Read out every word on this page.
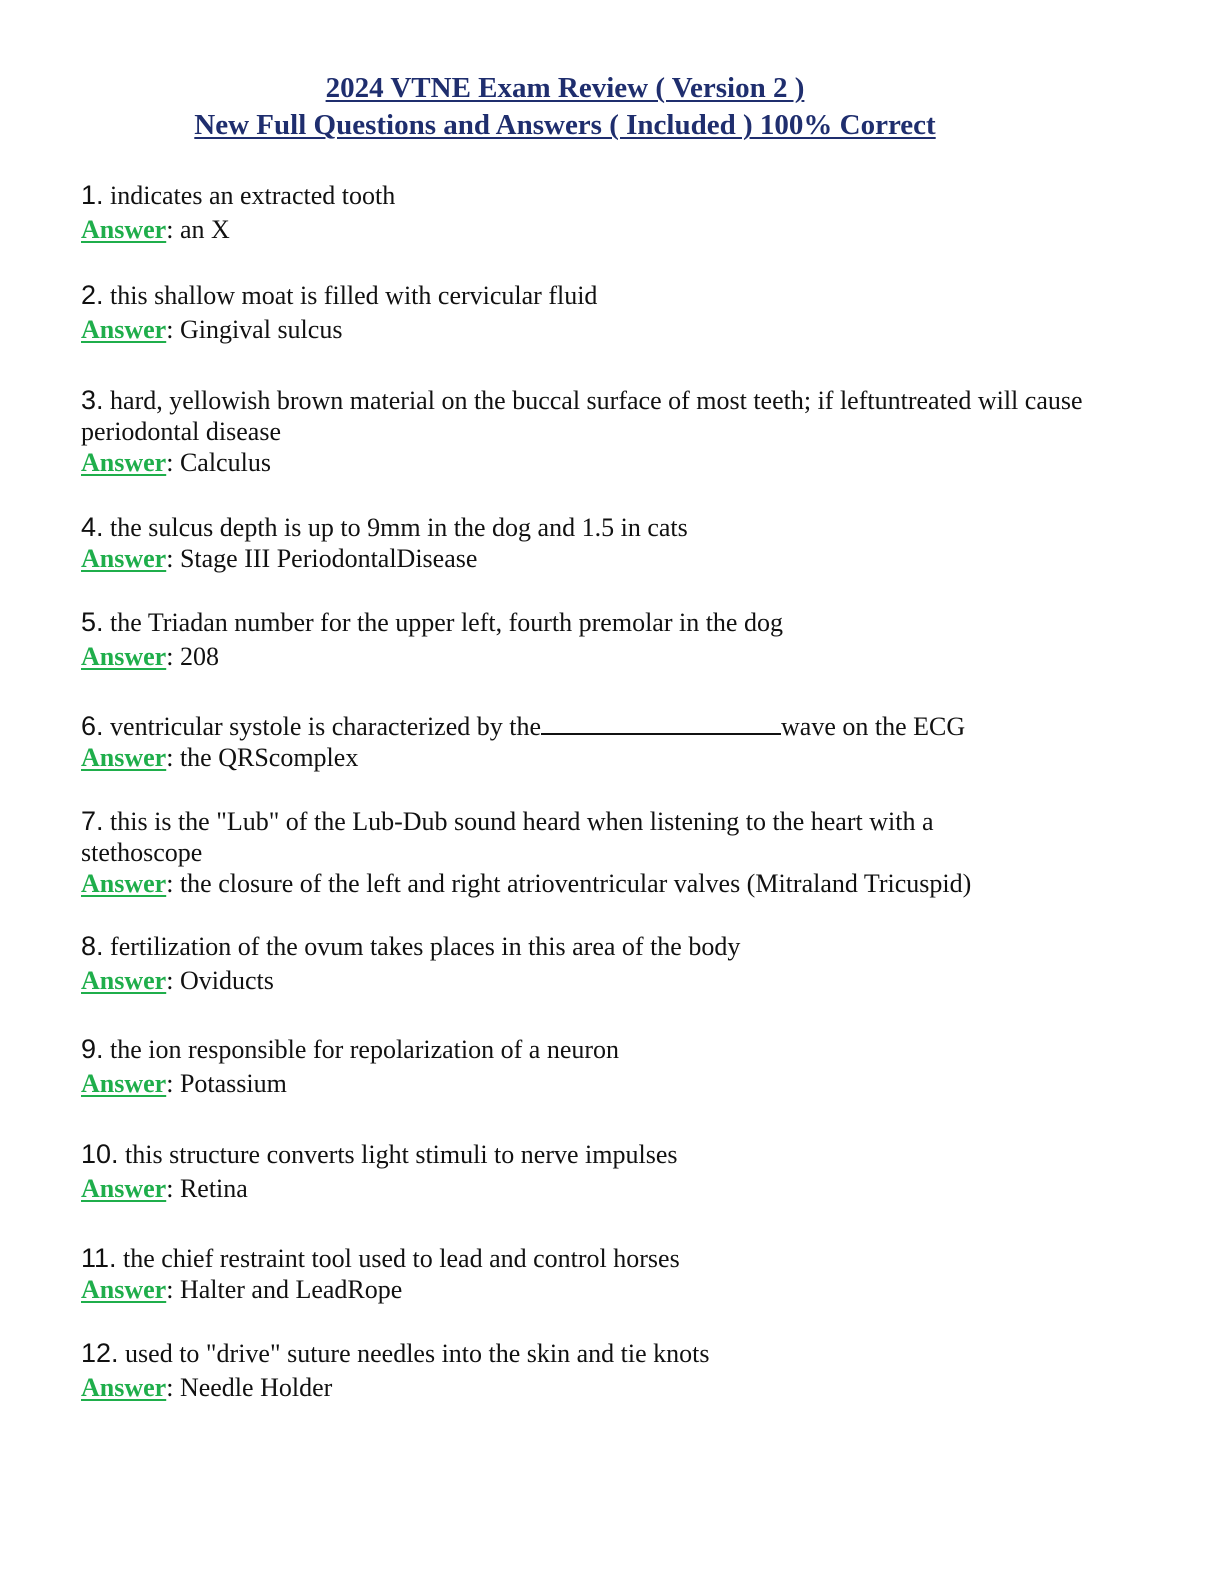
2024 VTNE Exam Review ( Version 2 )
New Full Questions and Answers ( Included ) 100% Correct

1. indicates an extracted tooth

Answer: an X

2. this shallow moat is filled with cervicular fluid

Answer: Gingival sulcus

3. hard, yellowish brown material on the buccal surface of most teeth; if leftuntreated will cause periodontal disease

Answer: Calculus

4. the sulcus depth is up to 9mm in the dog and 1.5 in cats

Answer: Stage III PeriodontalDisease

5. the Triadan number for the upper left, fourth premolar in the dog

Answer: 208

6. ventricular systole is characterized by the	wave on the ECG

Answer: the QRScomplex

7. this is the "Lub" of the Lub-Dub sound heard when listening to the heart with a stethoscope

Answer: the closure of the left and right atrioventricular valves (Mitraland Tricuspid)

8. fertilization of the ovum takes places in this area of the body

Answer: Oviducts

9. the ion responsible for repolarization of a neuron

Answer: Potassium

10. this structure converts light stimuli to nerve impulses

Answer: Retina

11. the chief restraint tool used to lead and control horses

Answer: Halter and LeadRope

12. used to "drive" suture needles into the skin and tie knots

Answer: Needle Holder
